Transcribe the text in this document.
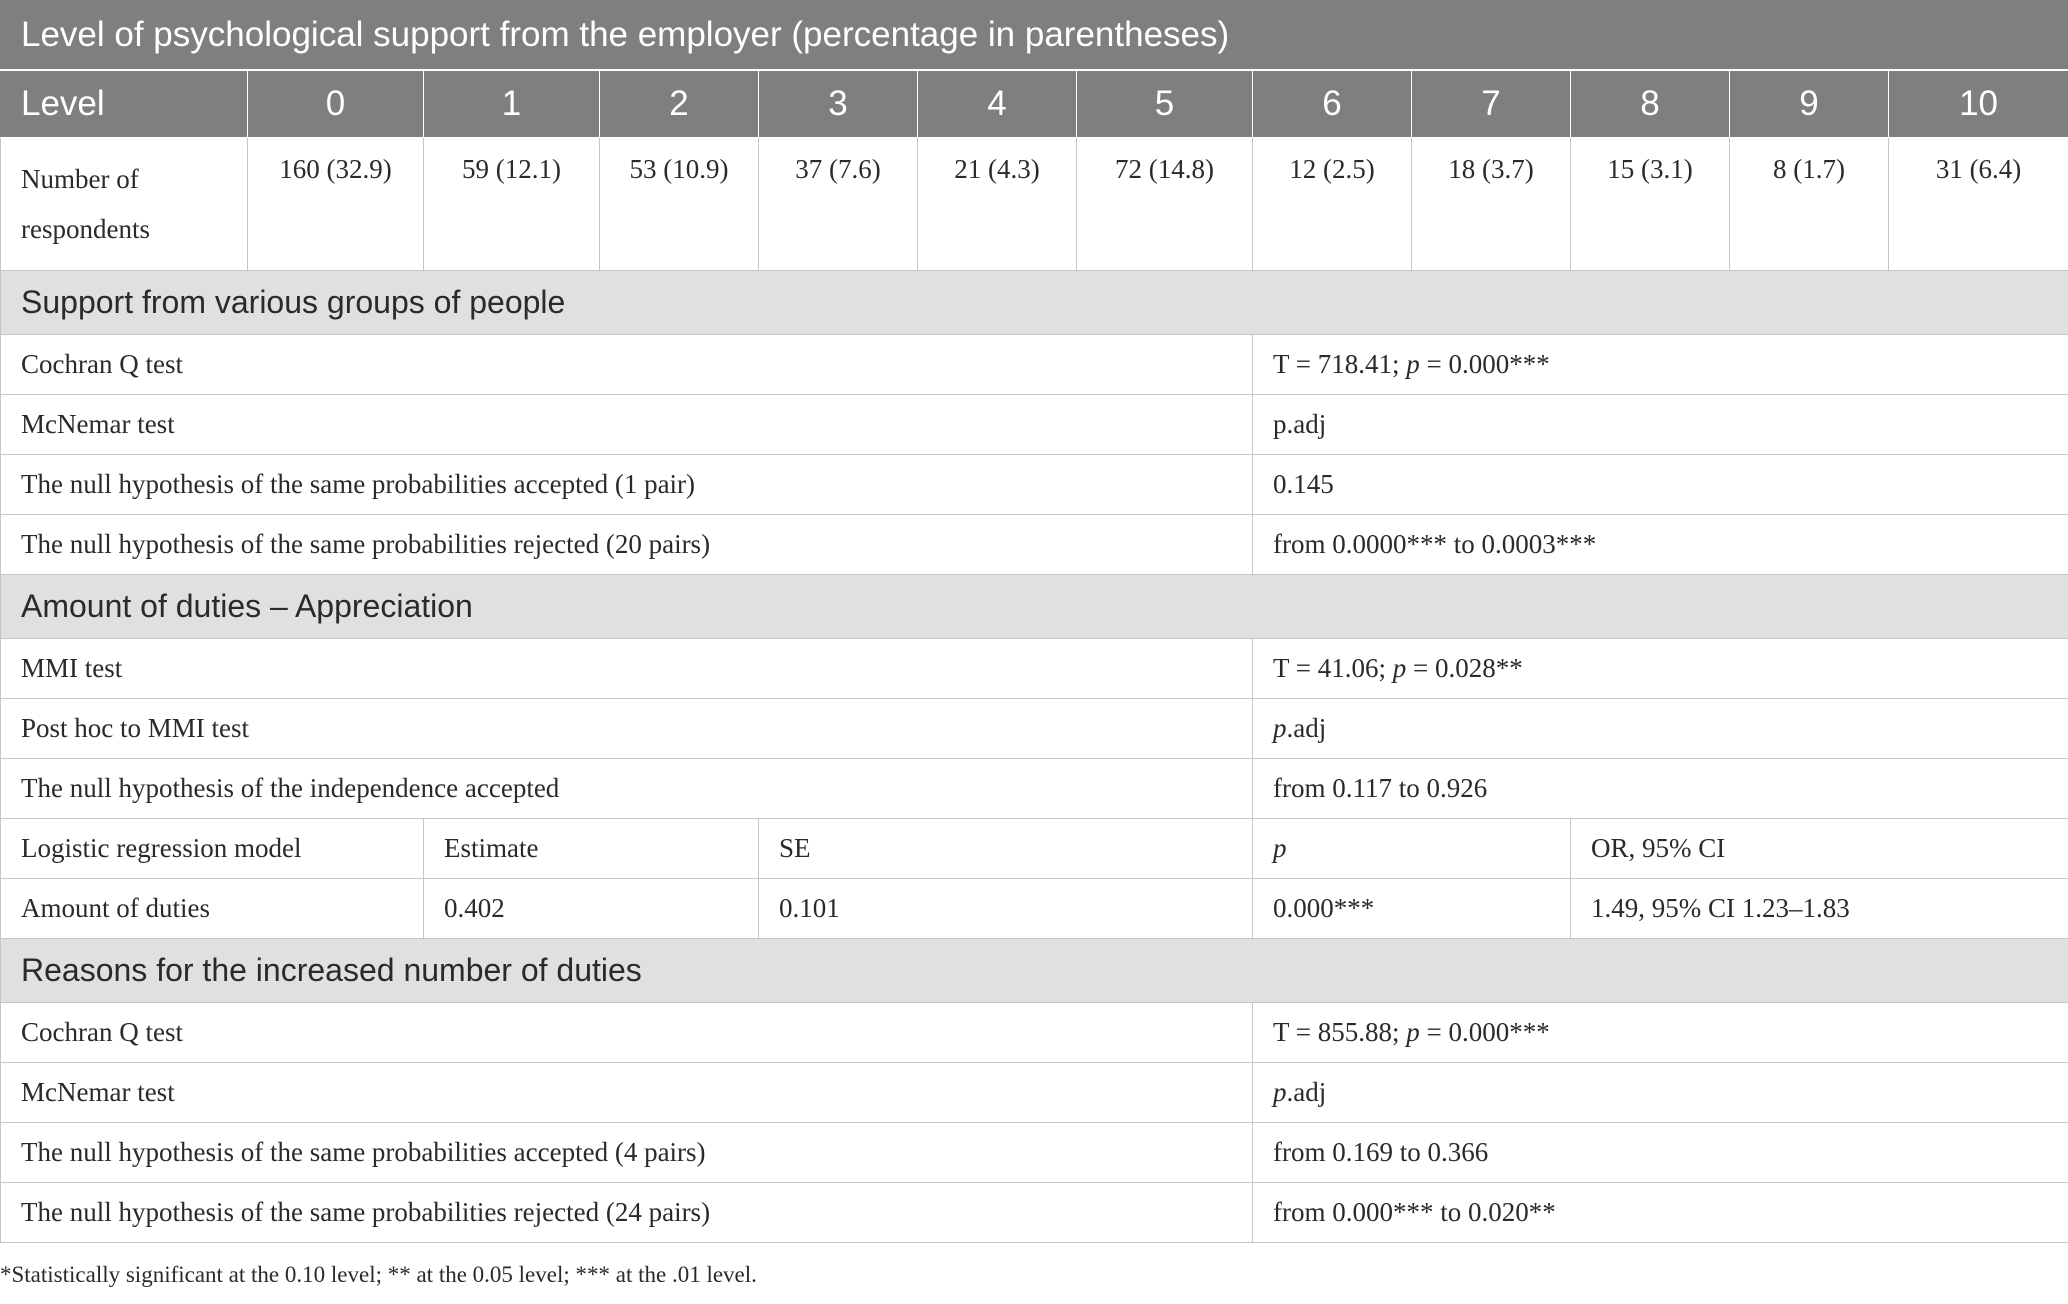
Level of psychological support from the employer (percentage in parentheses)											
Level	0	1	2	3	4	5	6	7	8	9	10
Number of respondents	160 (32.9)	59 (12.1)	53 (10.9)	37 (7.6)	21 (4.3)	72 (14.8)	12 (2.5)	18 (3.7)	15 (3.1)	8 (1.7)	31 (6.4)
Support from various groups of people											
Cochran Q test							T = 718.41; p = 0.000***				
McNemar test							p.adj				
The null hypothesis of the same probabilities accepted (1 pair)							0.145				
The null hypothesis of the same probabilities rejected (20 pairs)							from 0.0000*** to 0.0003***				
Amount of duties – Appreciation											
MMI test							T = 41.06; p = 0.028**				
Post hoc to MMI test							p.adj				
The null hypothesis of the independence accepted							from 0.117 to 0.926				
Logistic regression model		Estimate		SE			p		OR, 95% CI		
Amount of duties		0.402		0.101			0.000***		1.49, 95% CI 1.23–1.83		
Reasons for the increased number of duties											
Cochran Q test							T = 855.88; p = 0.000***				
McNemar test							p.adj				
The null hypothesis of the same probabilities accepted (4 pairs)							from 0.169 to 0.366				
The null hypothesis of the same probabilities rejected (24 pairs)							from 0.000*** to 0.020**				
*Statistically significant at the 0.10 level; ** at the 0.05 level; *** at the .01 level.
